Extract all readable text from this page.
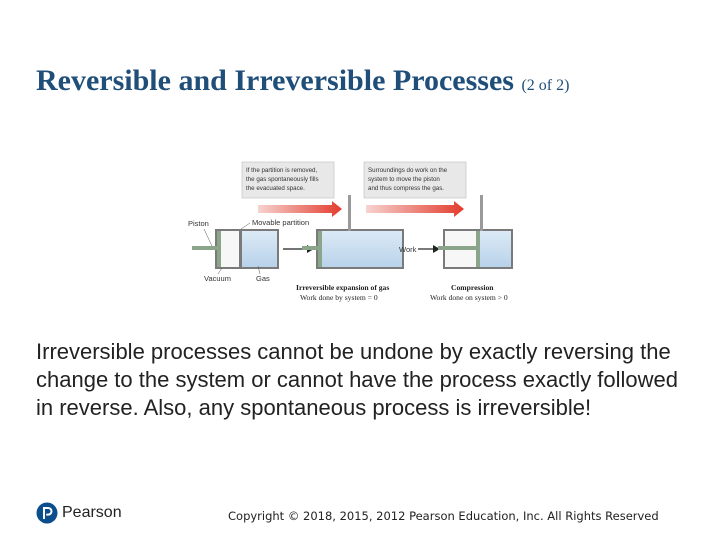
Reversible and Irreversible Processes (2 of 2)
If the partition is removed,
the gas spontaneously fills
the evacuated space.
Surroundings do work on the
system to move the piston
and thus compress the gas.
Piston	Movable partition
Vacuum	Gas
Irreversible expansion of gas
Work done by system = 0
Work
Compression
Work done on system > 0

Irreversible processes cannot be undone by exactly reversing the change to the system or cannot have the process exactly followed in reverse. Also, any spontaneous process is irreversible!

Pearson	Copyright © 2018, 2015, 2012 Pearson Education, Inc. All Rights Reserved
